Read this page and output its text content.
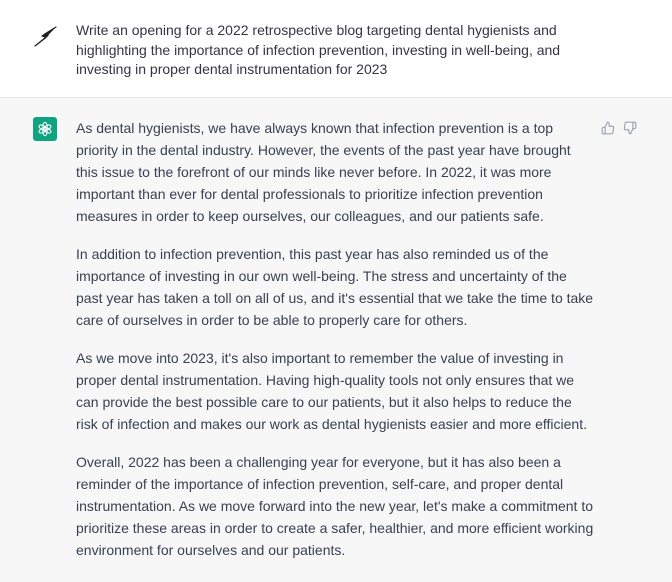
Write an opening for a 2022 retrospective blog targeting dental hygienists and highlighting the importance of infection prevention, investing in well-being, and investing in proper dental instrumentation for 2023

As dental hygienists, we have always known that infection prevention is a top priority in the dental industry. However, the events of the past year have brought this issue to the forefront of our minds like never before. In 2022, it was more important than ever for dental professionals to prioritize infection prevention measures in order to keep ourselves, our colleagues, and our patients safe.

In addition to infection prevention, this past year has also reminded us of the importance of investing in our own well-being. The stress and uncertainty of the past year has taken a toll on all of us, and it's essential that we take the time to take care of ourselves in order to be able to properly care for others.

As we move into 2023, it's also important to remember the value of investing in proper dental instrumentation. Having high-quality tools not only ensures that we can provide the best possible care to our patients, but it also helps to reduce the risk of infection and makes our work as dental hygienists easier and more efficient.

Overall, 2022 has been a challenging year for everyone, but it has also been a reminder of the importance of infection prevention, self-care, and proper dental instrumentation. As we move forward into the new year, let's make a commitment to prioritize these areas in order to create a safer, healthier, and more efficient working environment for ourselves and our patients.
